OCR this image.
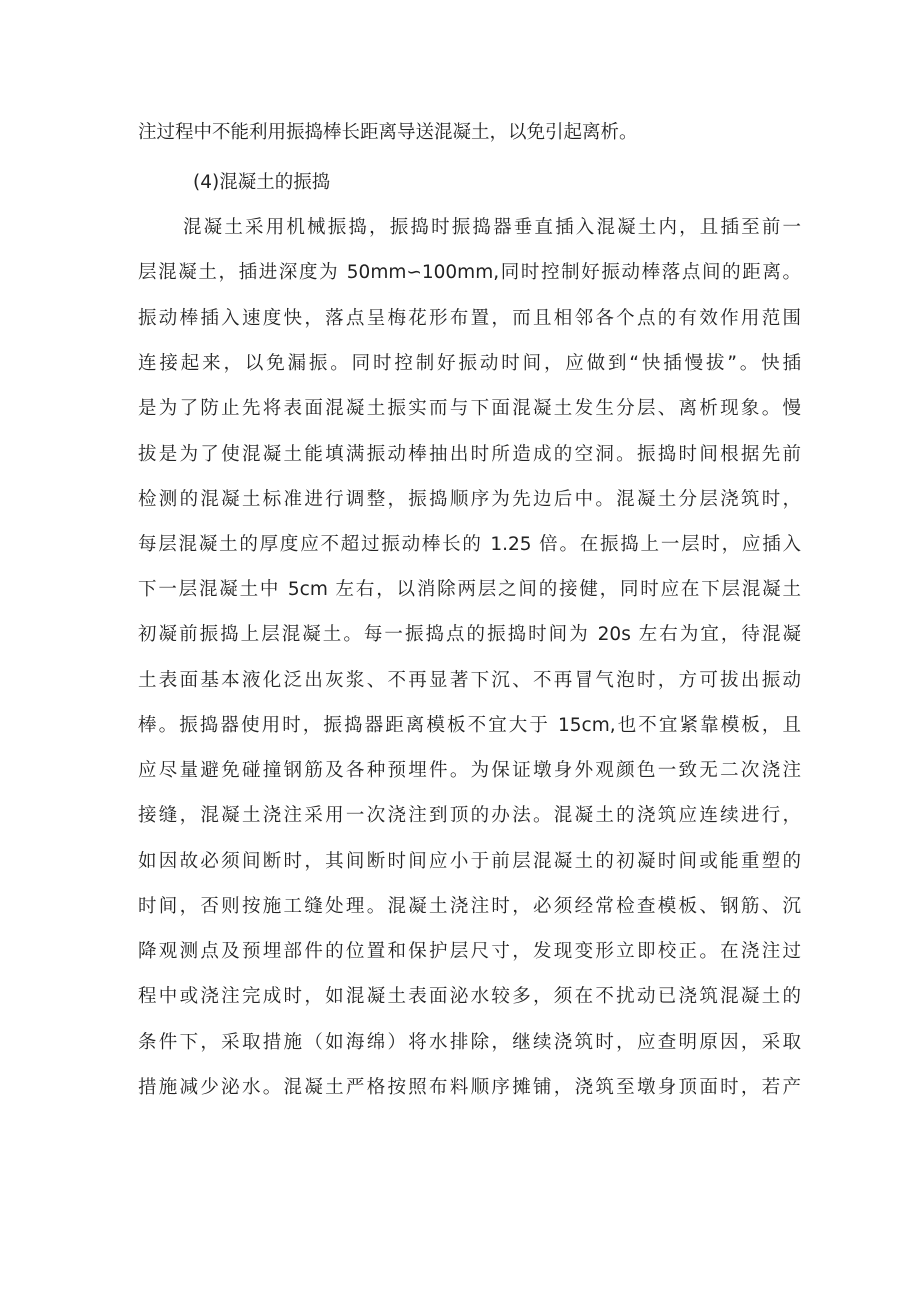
注过程中不能利用振捣棒长距离导送混凝土，以免引起离析。
(4)混凝土的振捣
混凝土采用机械振捣，振捣时振捣器垂直插入混凝土内，且插至前一
层混凝土，插进深度为 50mm∽100mm,同时控制好振动棒落点间的距离。
振动棒插入速度快，落点呈梅花形布置，而且相邻各个点的有效作用范围
连接起来，以免漏振。同时控制好振动时间，应做到“快插慢拔”。快插
是为了防止先将表面混凝土振实而与下面混凝土发生分层、离析现象。慢
拔是为了使混凝土能填满振动棒抽出时所造成的空洞。振捣时间根据先前
检测的混凝土标准进行调整，振捣顺序为先边后中。混凝土分层浇筑时，
每层混凝土的厚度应不超过振动棒长的 1.25 倍。在振捣上一层时，应插入
下一层混凝土中 5cm 左右，以消除两层之间的接健，同时应在下层混凝土
初凝前振捣上层混凝土。每一振捣点的振捣时间为 20s 左右为宜，待混凝
土表面基本液化泛出灰浆、不再显著下沉、不再冒气泡时，方可拔出振动
棒。振捣器使用时，振捣器距离模板不宜大于 15cm,也不宜紧靠模板，且
应尽量避免碰撞钢筋及各种预埋件。为保证墩身外观颜色一致无二次浇注
接缝，混凝土浇注采用一次浇注到顶的办法。混凝土的浇筑应连续进行，
如因故必须间断时，其间断时间应小于前层混凝土的初凝时间或能重塑的
时间，否则按施工缝处理。混凝土浇注时，必须经常检查模板、钢筋、沉
降观测点及预埋部件的位置和保护层尺寸，发现变形立即校正。在浇注过
程中或浇注完成时，如混凝土表面泌水较多，须在不扰动已浇筑混凝土的
条件下，采取措施（如海绵）将水排除，继续浇筑时，应查明原因，采取
措施减少泌水。混凝土严格按照布料顺序摊铺，浇筑至墩身顶面时，若产
